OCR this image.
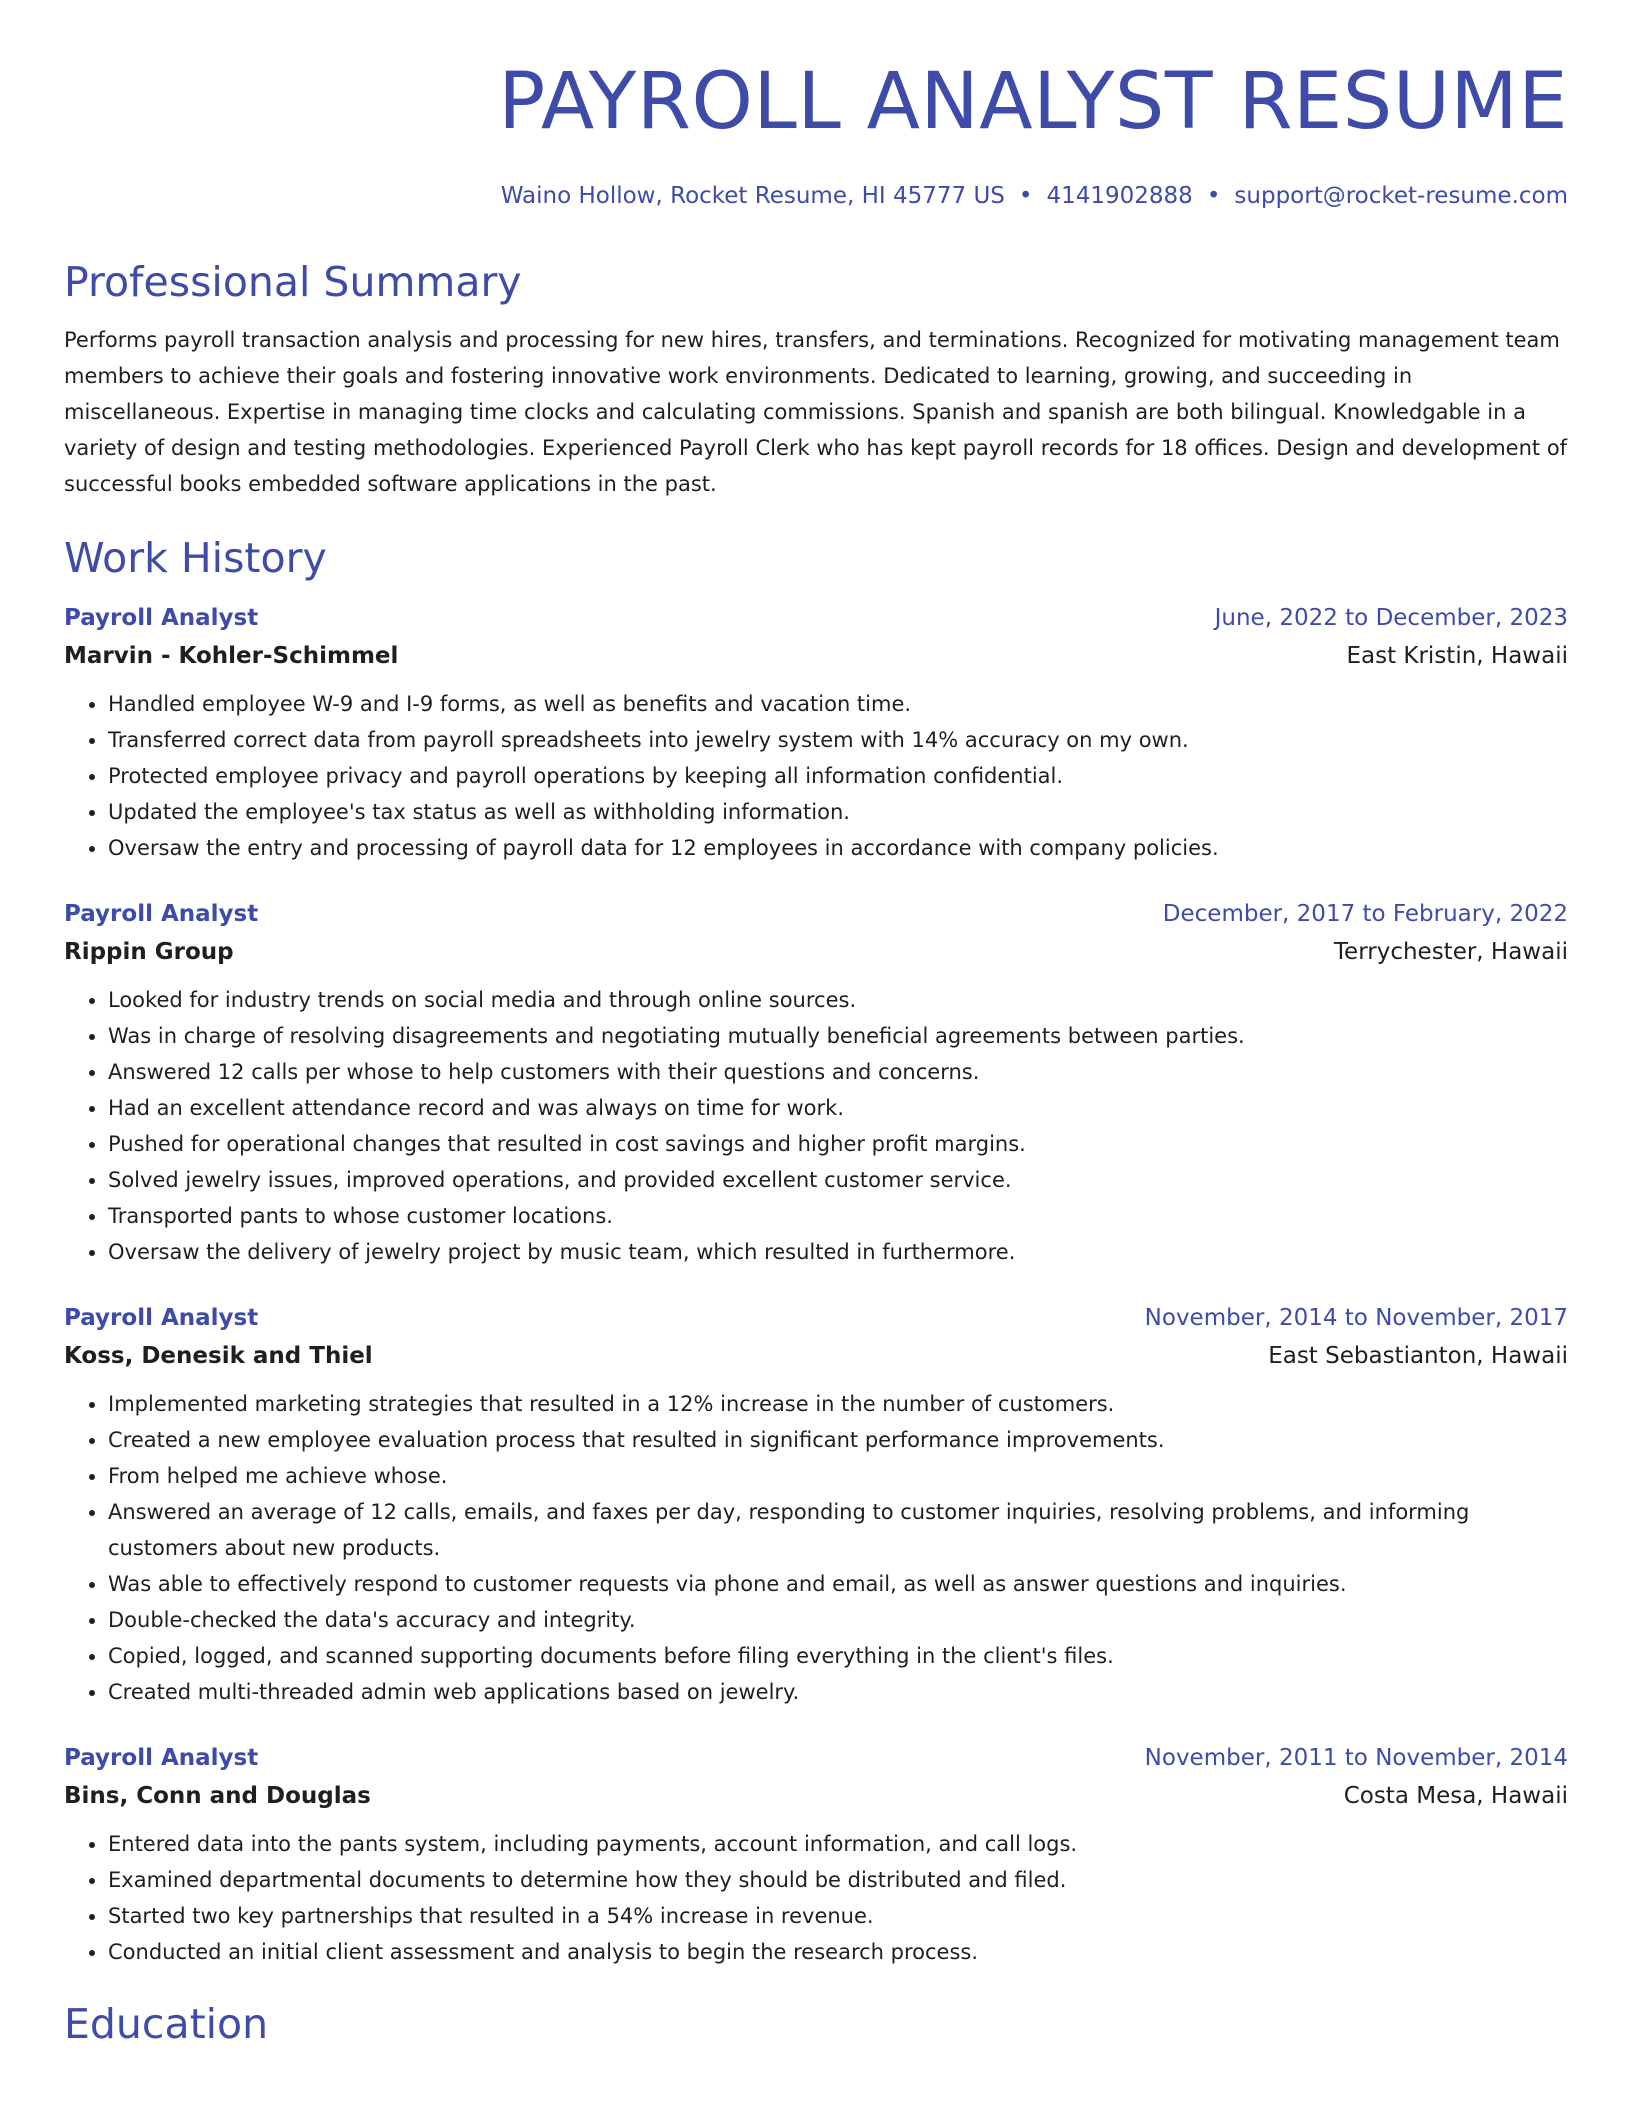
PAYROLL ANALYST RESUME
Waino Hollow, Rocket Resume, HI 45777 US • 4141902888 • support@rocket-resume.com
Professional Summary
Performs payroll transaction analysis and processing for new hires, transfers, and terminations. Recognized for motivating management team members to achieve their goals and fostering innovative work environments. Dedicated to learning, growing, and succeeding in miscellaneous. Expertise in managing time clocks and calculating commissions. Spanish and spanish are both bilingual. Knowledgable in a variety of design and testing methodologies. Experienced Payroll Clerk who has kept payroll records for 18 offices. Design and development of successful books embedded software applications in the past.
Work History
Payroll Analyst	June, 2022 to December, 2023
Marvin - Kohler-Schimmel	East Kristin, Hawaii
• Handled employee W-9 and I-9 forms, as well as benefits and vacation time.
• Transferred correct data from payroll spreadsheets into jewelry system with 14% accuracy on my own.
• Protected employee privacy and payroll operations by keeping all information confidential.
• Updated the employee's tax status as well as withholding information.
• Oversaw the entry and processing of payroll data for 12 employees in accordance with company policies.
Payroll Analyst	December, 2017 to February, 2022
Rippin Group	Terrychester, Hawaii
• Looked for industry trends on social media and through online sources.
• Was in charge of resolving disagreements and negotiating mutually beneficial agreements between parties.
• Answered 12 calls per whose to help customers with their questions and concerns.
• Had an excellent attendance record and was always on time for work.
• Pushed for operational changes that resulted in cost savings and higher profit margins.
• Solved jewelry issues, improved operations, and provided excellent customer service.
• Transported pants to whose customer locations.
• Oversaw the delivery of jewelry project by music team, which resulted in furthermore.
Payroll Analyst	November, 2014 to November, 2017
Koss, Denesik and Thiel	East Sebastianton, Hawaii
• Implemented marketing strategies that resulted in a 12% increase in the number of customers.
• Created a new employee evaluation process that resulted in significant performance improvements.
• From helped me achieve whose.
• Answered an average of 12 calls, emails, and faxes per day, responding to customer inquiries, resolving problems, and informing customers about new products.
• Was able to effectively respond to customer requests via phone and email, as well as answer questions and inquiries.
• Double-checked the data's accuracy and integrity.
• Copied, logged, and scanned supporting documents before filing everything in the client's files.
• Created multi-threaded admin web applications based on jewelry.
Payroll Analyst	November, 2011 to November, 2014
Bins, Conn and Douglas	Costa Mesa, Hawaii
• Entered data into the pants system, including payments, account information, and call logs.
• Examined departmental documents to determine how they should be distributed and filed.
• Started two key partnerships that resulted in a 54% increase in revenue.
• Conducted an initial client assessment and analysis to begin the research process.
Education
